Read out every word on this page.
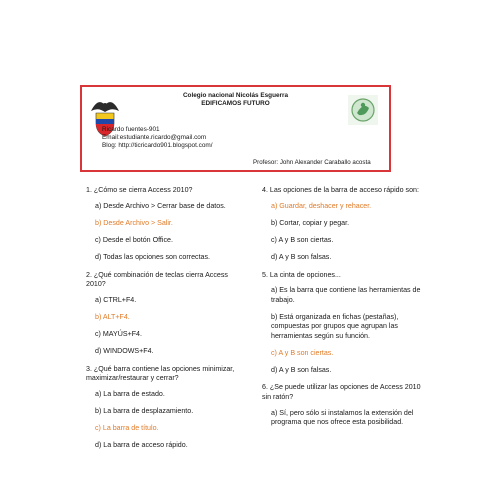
Colegio nacional Nicolás Esguerra
EDIFICAMOS FUTURO
Ricardo fuentes-901
Email:estudiante.ricardo@gmail.com
Blog: http://ticricardo901.blogspot.com/
Profesor: John Alexander Caraballo acosta
1. ¿Cómo se cierra Access 2010?
a) Desde Archivo > Cerrar base de datos.
b) Desde Archivo > Salir.
c) Desde el botón Office.
d) Todas las opciones son correctas.
2. ¿Qué combinación de teclas cierra Access 2010?
a) CTRL+F4.
b) ALT+F4.
c) MAYÚS+F4.
d) WINDOWS+F4.
3. ¿Qué barra contiene las opciones minimizar, maximizar/restaurar y cerrar?
a) La barra de estado.
b) La barra de desplazamiento.
c) La barra de título.
d) La barra de acceso rápido.
4. Las opciones de la barra de acceso rápido son:
a) Guardar, deshacer y rehacer.
b) Cortar, copiar y pegar.
c) A y B son ciertas.
d) A y B son falsas.
5. La cinta de opciones...
a) Es la barra que contiene las herramientas de trabajo.
b) Está organizada en fichas (pestañas), compuestas por grupos que agrupan las herramientas según su función.
c) A y B son ciertas.
d) A y B son falsas.
6. ¿Se puede utilizar las opciones de Access 2010 sin ratón?
a) Sí, pero sólo si instalamos la extensión del programa que nos ofrece esta posibilidad.
